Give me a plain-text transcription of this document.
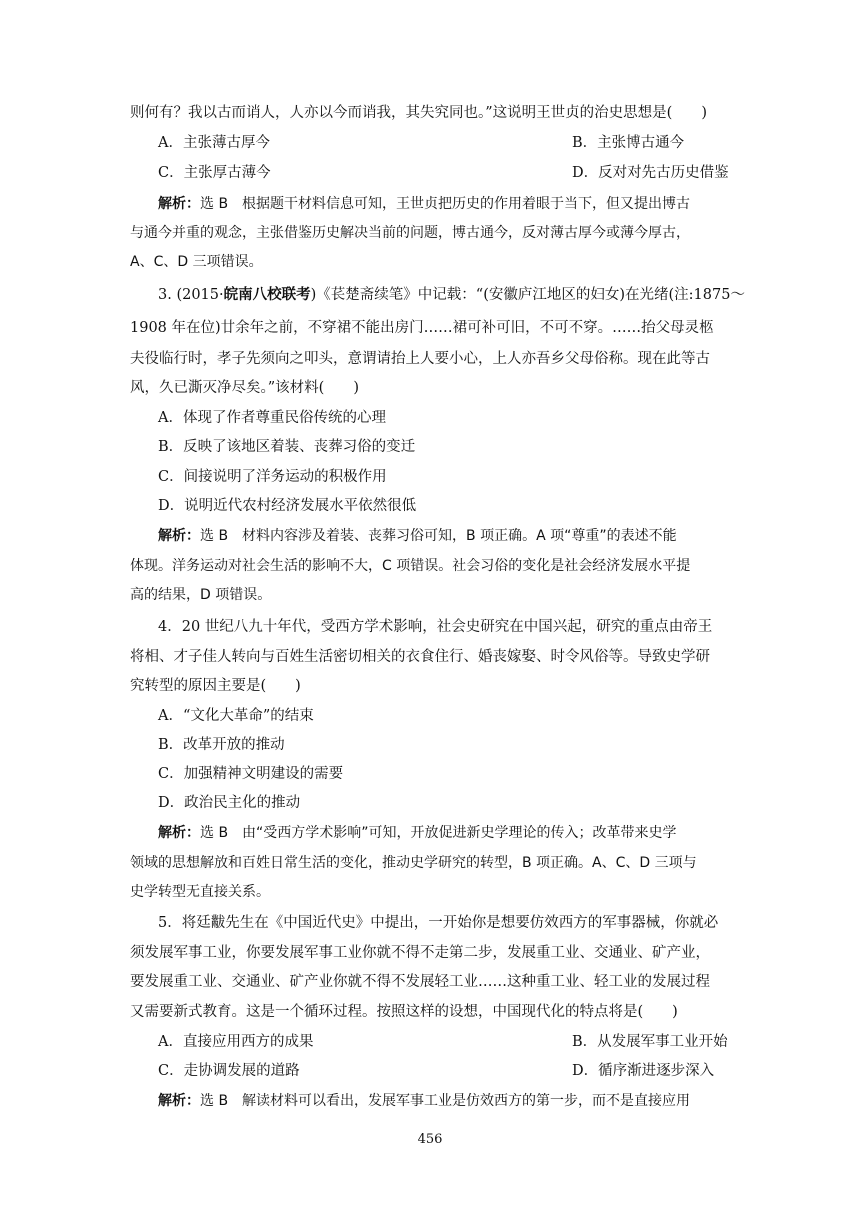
则何有？我以古而诮人，人亦以今而诮我，其失究同也。”这说明王世贞的治史思想是(　　)
A．主张薄古厚今	B．主张博古通今
C．主张厚古薄今	D．反对对先古历史借鉴
解析：选 B　根据题干材料信息可知，王世贞把历史的作用着眼于当下，但又提出博古
与通今并重的观念，主张借鉴历史解决当前的问题，博古通今，反对薄古厚今或薄今厚古，
A、C、D 三项错误。
3. (2015·皖南八校联考)《苌楚斋续笔》中记载：“(安徽庐江地区的妇女)在光绪(注:1875～
1908 年在位)廿余年之前，不穿裙不能出房门……裙可补可旧，不可不穿。……抬父母灵柩
夫役临行时，孝子先须向之叩头，意谓请抬上人要小心，上人亦吾乡父母俗称。现在此等古
风，久已澌灭净尽矣。”该材料(　　)
A．体现了作者尊重民俗传统的心理
B．反映了该地区着装、丧葬习俗的变迁
C．间接说明了洋务运动的积极作用
D．说明近代农村经济发展水平依然很低
解析：选 B　材料内容涉及着装、丧葬习俗可知，B 项正确。A 项“尊重”的表述不能
体现。洋务运动对社会生活的影响不大，C 项错误。社会习俗的变化是社会经济发展水平提
高的结果，D 项错误。
4．20 世纪八九十年代，受西方学术影响，社会史研究在中国兴起，研究的重点由帝王
将相、才子佳人转向与百姓生活密切相关的衣食住行、婚丧嫁娶、时令风俗等。导致史学研
究转型的原因主要是(　　)
A．“文化大革命”的结束
B．改革开放的推动
C．加强精神文明建设的需要
D．政治民主化的推动
解析：选 B　由“受西方学术影响”可知，开放促进新史学理论的传入；改革带来史学
领域的思想解放和百姓日常生活的变化，推动史学研究的转型，B 项正确。A、C、D 三项与
史学转型无直接关系。
5．将廷黻先生在《中国近代史》中提出，一开始你是想要仿效西方的军事器械，你就必
须发展军事工业，你要发展军事工业你就不得不走第二步，发展重工业、交通业、矿产业，
要发展重工业、交通业、矿产业你就不得不发展轻工业……这种重工业、轻工业的发展过程
又需要新式教育。这是一个循环过程。按照这样的设想，中国现代化的特点将是(　　)
A．直接应用西方的成果	B．从发展军事工业开始
C．走协调发展的道路	D．循序渐进逐步深入
解析：选 B　解读材料可以看出，发展军事工业是仿效西方的第一步，而不是直接应用
456
